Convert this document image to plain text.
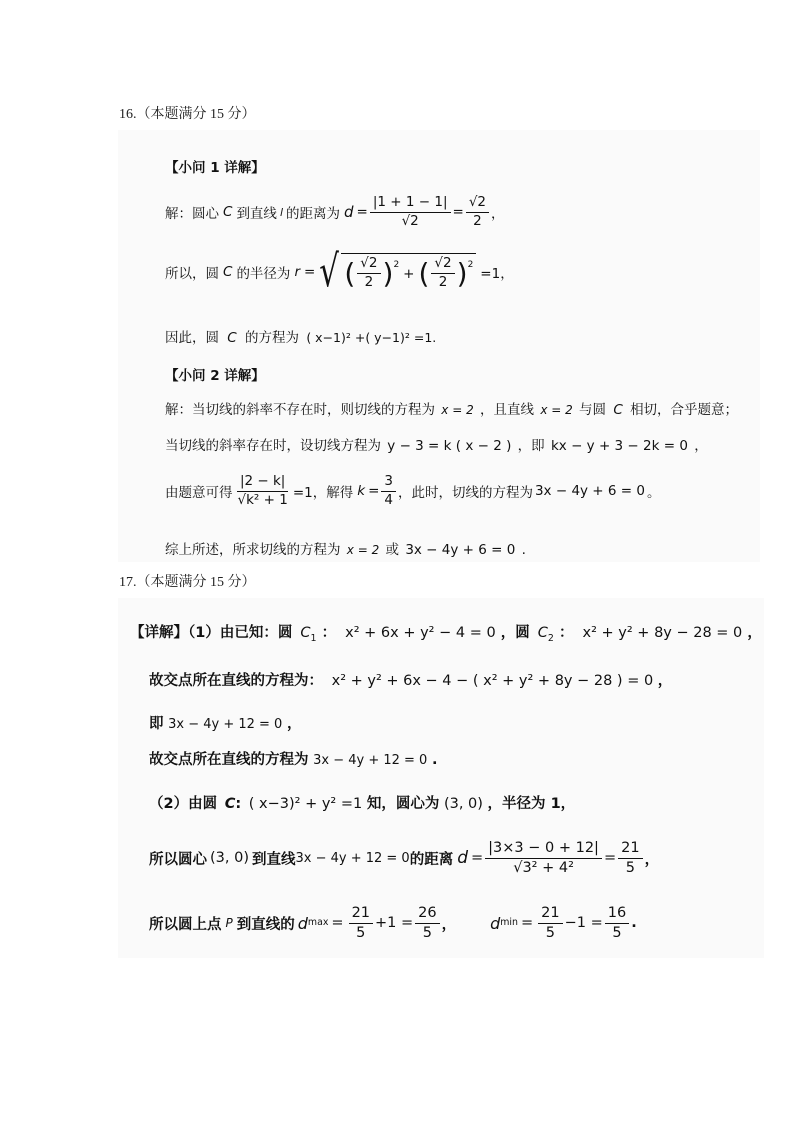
16.（本题满分 15 分）
【小问 1 详解】
解：圆心 C 到直线 l 的距离为 $d = \frac{|1 + 1 - 1|}{√2} = \frac{√2}{2}$ ，
所以，圆 C 的半径为 r = √ ( $\frac{√2}{2}$ ) 2
+ ( $\frac{√2}{2}$ ) 2
=1，
因此，圆 C 的方程为 ( x−1)² +( y−1)² =1.
【小问 2 详解】
解：当切线的斜率不存在时，则切线的方程为 x = 2 ，且直线 x = 2 与圆 C 相切，合乎题意；
当切线的斜率存在时，设切线方程为 y − 3 = k ( x − 2 ) ，即 kx − y + 3 − 2k = 0 ，
由题意可得 $\frac{|2 - k|}{\text{√k² + 1}} =1$，解得 $k = \frac{3}{4}$ ，此时，切线的方程为 3x − 4y + 6 = 0 。
综上所述，所求切线的方程为 x = 2 或 3x − 4y + 6 = 0 .
17.（本题满分 15 分）
【详解】（1）由已知：圆 $C_1$ ： x² + 6x + y² − 4 = 0 ，圆 $C_2$ ： x² + y² + 8y − 28 = 0 ，
故交点所在直线的方程为： x² + y² + 6x − 4 − ( x² + y² + 8y − 28 ) = 0 ，
即 3x − 4y + 12 = 0 ，
故交点所在直线的方程为 3x − 4y + 12 = 0 .
（2）由圆 C: ( x−3)² + y² =1 知，圆心为 (3, 0) ，半径为 1，
所以圆心 (3, 0) 到直线 3x − 4y + 12 = 0 的距离 $d = \frac{|3\times 3 - 0 + 12|}{\text{√3² + 4²}} = \frac{21}{5}$ ，
所以圆上点 P 到直线的 d $\max = \frac{21}{5} +1 = \frac{26}{5}$ ， d $\min = \frac{21}{5} -1 = \frac{16}{5}$ .
